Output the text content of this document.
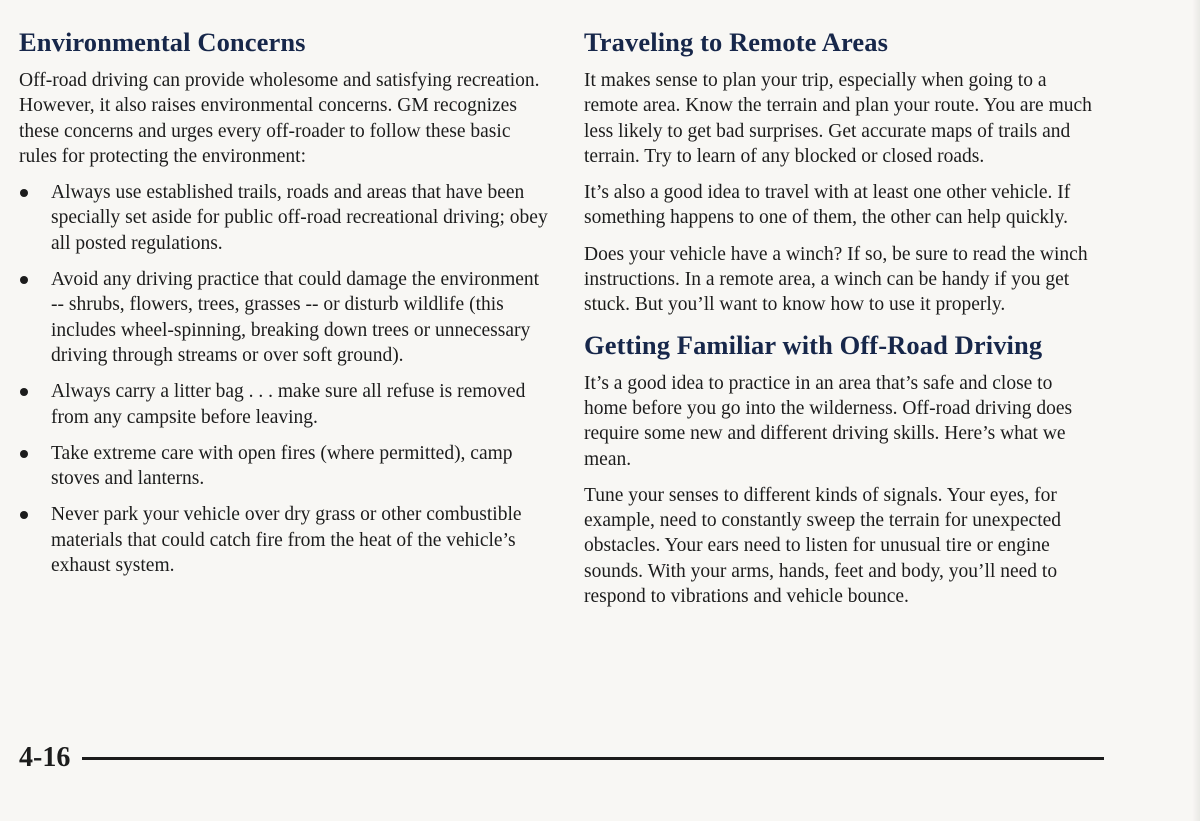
Environmental Concerns

Off-road driving can provide wholesome and satisfying recreation. However, it also raises environmental concerns. GM recognizes these concerns and urges every off-roader to follow these basic rules for protecting the environment:

Always use established trails, roads and areas that have been specially set aside for public off-road recreational driving; obey all posted regulations.
Avoid any driving practice that could damage the environment -- shrubs, flowers, trees, grasses -- or disturb wildlife (this includes wheel-spinning, breaking down trees or unnecessary driving through streams or over soft ground).
Always carry a litter bag . . . make sure all refuse is removed from any campsite before leaving.
Take extreme care with open fires (where permitted), camp stoves and lanterns.
Never park your vehicle over dry grass or other combustible materials that could catch fire from the heat of the vehicle’s exhaust system.
Traveling to Remote Areas

It makes sense to plan your trip, especially when going to a remote area. Know the terrain and plan your route. You are much less likely to get bad surprises. Get accurate maps of trails and terrain. Try to learn of any blocked or closed roads.

It’s also a good idea to travel with at least one other vehicle. If something happens to one of them, the other can help quickly.

Does your vehicle have a winch? If so, be sure to read the winch instructions. In a remote area, a winch can be handy if you get stuck. But you’ll want to know how to use it properly.

Getting Familiar with Off-Road Driving

It’s a good idea to practice in an area that’s safe and close to home before you go into the wilderness. Off-road driving does require some new and different driving skills. Here’s what we mean.

Tune your senses to different kinds of signals. Your eyes, for example, need to constantly sweep the terrain for unexpected obstacles. Your ears need to listen for unusual tire or engine sounds. With your arms, hands, feet and body, you’ll need to respond to vibrations and vehicle bounce.

4-16
